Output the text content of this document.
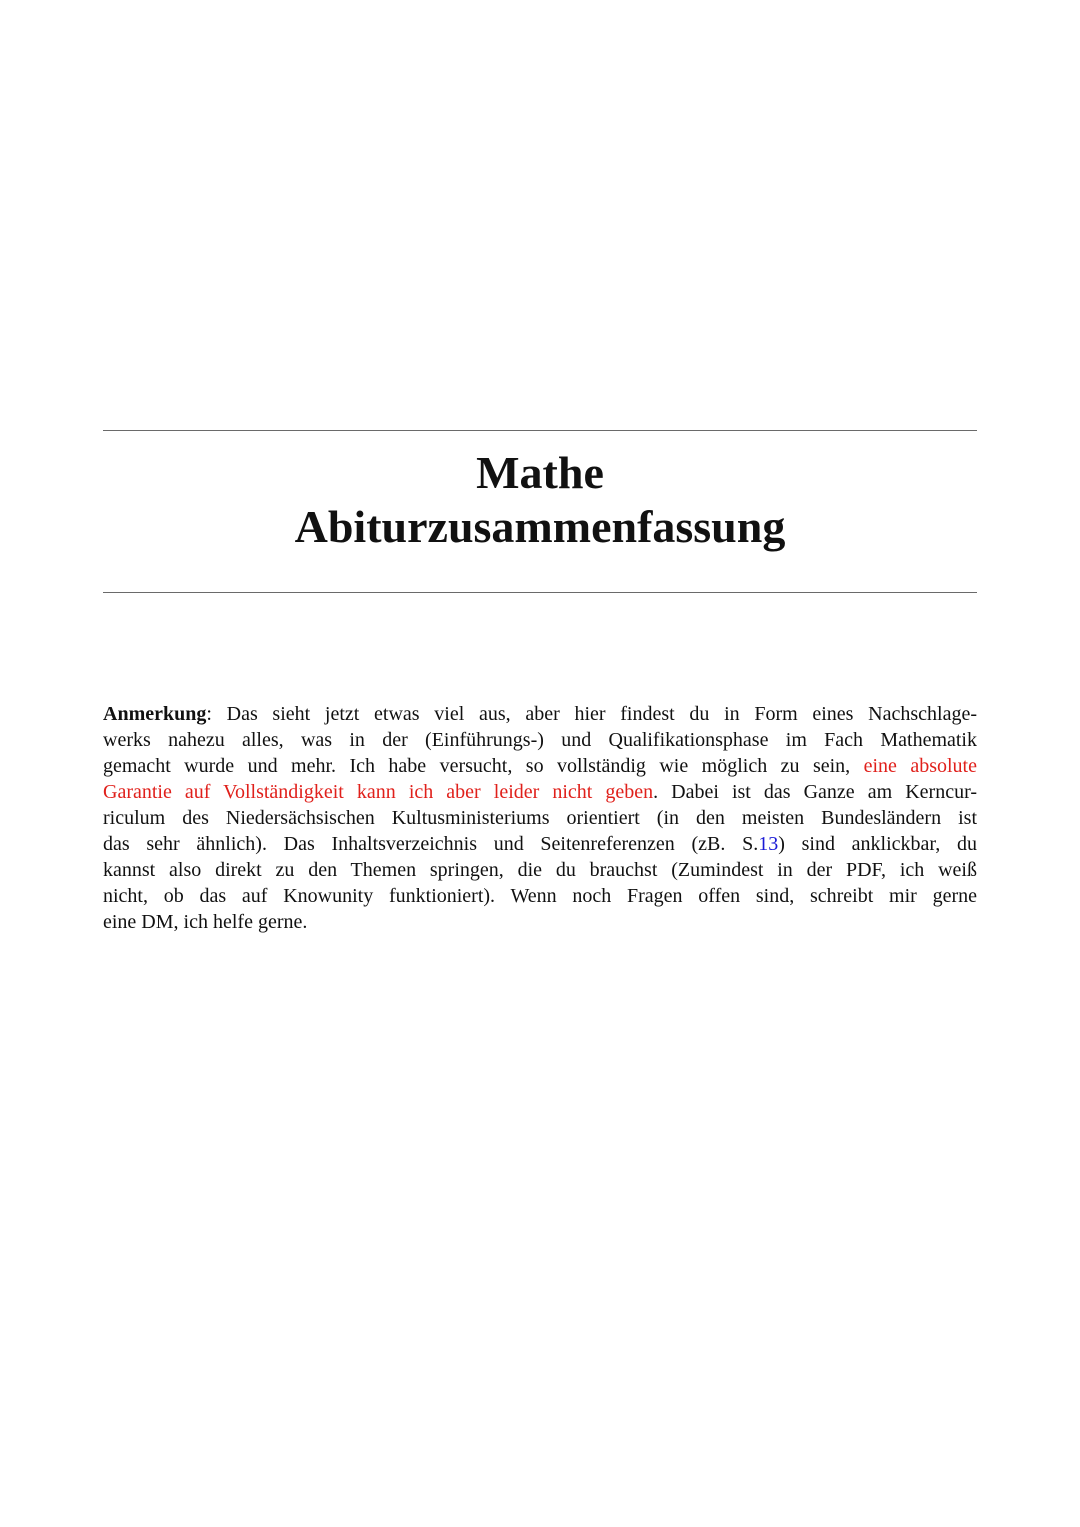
Mathe
Abiturzusammenfassung
Anmerkung: Das sieht jetzt etwas viel aus, aber hier findest du in Form eines Nachschlage-
werks nahezu alles, was in der (Einführungs-) und Qualifikationsphase im Fach Mathematik
gemacht wurde und mehr. Ich habe versucht, so vollständig wie möglich zu sein, eine absolute
Garantie auf Vollständigkeit kann ich aber leider nicht geben. Dabei ist das Ganze am Kerncur-
riculum des Niedersächsischen Kultusministeriums orientiert (in den meisten Bundesländern ist
das sehr ähnlich). Das Inhaltsverzeichnis und Seitenreferenzen (zB. S.13) sind anklickbar, du
kannst also direkt zu den Themen springen, die du brauchst (Zumindest in der PDF, ich weiß
nicht, ob das auf Knowunity funktioniert). Wenn noch Fragen offen sind, schreibt mir gerne
eine DM, ich helfe gerne.
